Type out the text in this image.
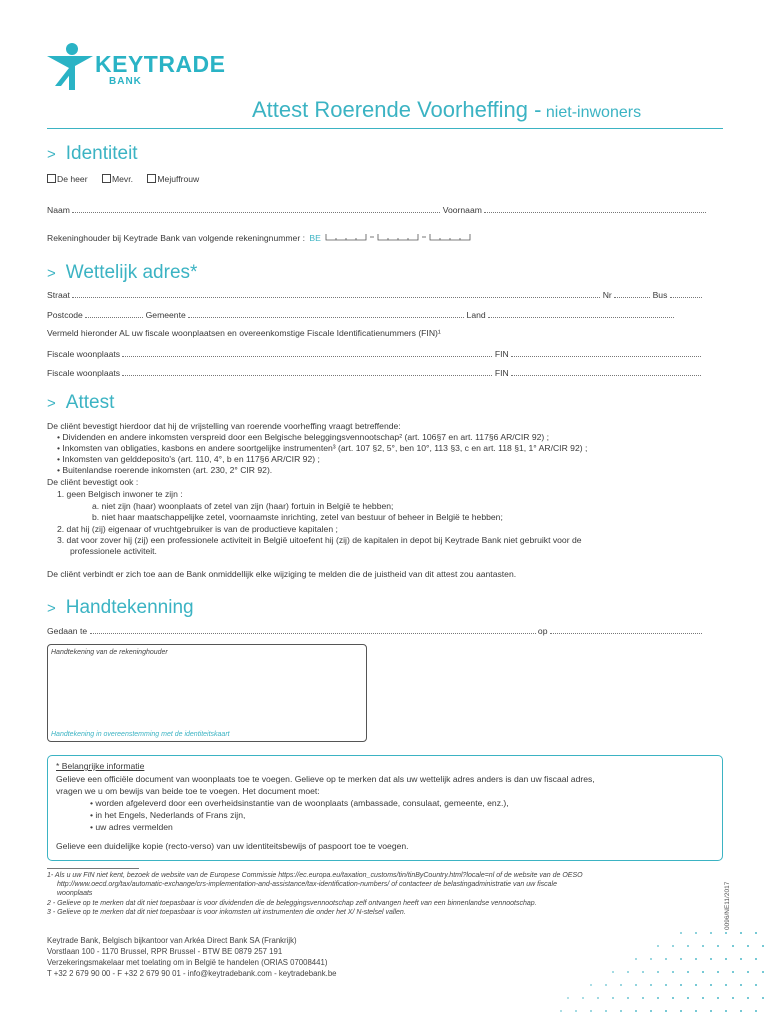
KEYTRADE
BANK
Attest Roerende Voorheffing - niet-inwoners
> Identiteit
De heer	Mevr.	Mejuffrouw
Naam	Voornaam
Rekeninghouder bij Keytrade Bank van volgende rekeningnummer : BE
> Wettelijk adres*
Straat	Nr	Bus
Postcode	Gemeente	Land
Vermeld hieronder AL uw fiscale woonplaatsen en overeenkomstige Fiscale Identificatienummers (FIN)¹
Fiscale woonplaats	FIN
Fiscale woonplaats	FIN
> Attest
De cliënt bevestigt hierdoor dat hij de vrijstelling van roerende voorheffing vraagt betreffende:
• Dividenden en andere inkomsten verspreid door een Belgische beleggingsvennootschap² (art. 106§7 en art. 117§6 AR/CIR 92) ;
• Inkomsten van obligaties, kasbons en andere soortgelijke instrumenten³ (art. 107 §2, 5°, ben 10°, 113 §3, c en art. 118 §1, 1° AR/CIR 92) ;
• Inkomsten van gelddeposito's (art. 110, 4°, b en 117§6 AR/CIR 92) ;
• Buitenlandse roerende inkomsten (art. 230, 2° CIR 92).
De cliënt bevestigt ook :
1. geen Belgisch inwoner te zijn :
a. niet zijn (haar) woonplaats of zetel van zijn (haar) fortuin in België te hebben;
b. niet haar maatschappelijke zetel, voornaamste inrichting, zetel van bestuur of beheer in België te hebben;
2. dat hij (zij) eigenaar of vruchtgebruiker is van de productieve kapitalen ;
3. dat voor zover hij (zij) een professionele activiteit in België uitoefent hij (zij) de kapitalen in depot bij Keytrade Bank niet gebruikt voor de
professionele activiteit.
De cliënt verbindt er zich toe aan de Bank onmiddellijk elke wijziging te melden die de juistheid van dit attest zou aantasten.
> Handtekenning
Gedaan te	op
Handtekening van de rekeninghouder
Handtekening in overeenstemming met de identiteitskaart
* Belangrijke informatie
Gelieve een officiële document van woonplaats toe te voegen. Gelieve op te merken dat als uw wettelijk adres anders is dan uw fiscaal adres,
vragen we u om bewijs van beide toe te voegen. Het document moet:
• worden afgeleverd door een overheidsinstantie van de woonplaats (ambassade, consulaat, gemeente, enz.),
• in het Engels, Nederlands of Frans zijn,
• uw adres vermelden
Gelieve een duidelijke kopie (recto-verso) van uw identiteitsbewijs of paspoort toe te voegen.
1- Als u uw FIN niet kent, bezoek de website van de Europese Commissie https://ec.europa.eu/taxation_customs/tin/tinByCountry.html?locale=nl of de website van de OESO
http://www.oecd.org/tax/automatic-exchange/crs-implementation-and-assistance/tax-identification-numbers/ of contacteer de belastingadministratie van uw fiscale
woonplaats
2 - Gelieve op te merken dat dit niet toepasbaar is voor dividenden die de beleggingsvennootschap zelf ontvangen heeft van een binnenlandse vennootschap.
3 - Gelieve op te merken dat dit niet toepasbaar is voor inkomsten uit instrumenten die onder het X/ N-stelsel vallen.
Keytrade Bank, Belgisch bijkantoor van Arkéa Direct Bank SA (Frankrijk)
Vorstlaan 100 - 1170 Brussel, RPR Brussel - BTW BE 0879 257 191
Verzekeringsmakelaar met toelating om in België te handelen (ORIAS 07008441)
T +32 2 679 90 00 - F +32 2 679 90 01 - info@keytradebank.com - keytradebank.be
0096/NE11/2017
